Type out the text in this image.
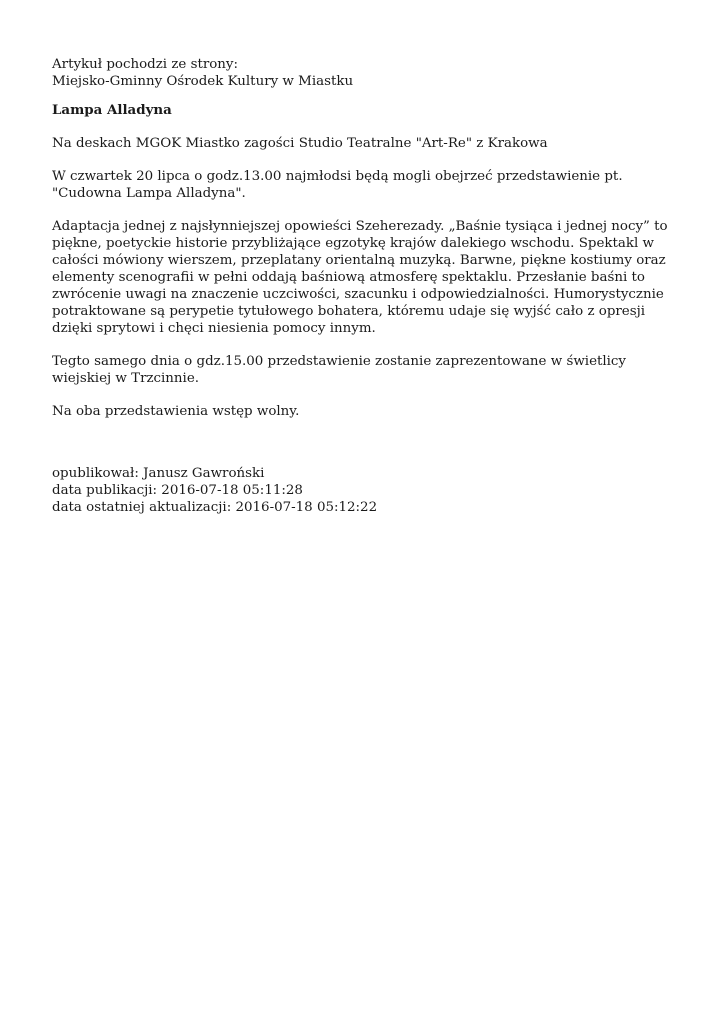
Artykuł pochodzi ze strony:
Miejsko-Gminny Ośrodek Kultury w Miastku
Lampa Alladyna

Na deskach MGOK Miastko zagości Studio Teatralne "Art-Re" z Krakowa

W czwartek 20 lipca o godz.13.00 najmłodsi będą mogli obejrzeć przedstawienie pt. "Cudowna Lampa Alladyna".

Adaptacja jednej z najsłynniejszej opowieści Szeherezady. „Baśnie tysiąca i jednej nocy” to piękne, poetyckie historie przybliżające egzotykę krajów dalekiego wschodu. Spektakl w całości mówiony wierszem, przeplatany orientalną muzyką. Barwne, piękne kostiumy oraz elementy scenografii w pełni oddają baśniową atmosferę spektaklu. Przesłanie baśni to zwrócenie uwagi na znaczenie uczciwości, szacunku i odpowiedzialności. Humorystycznie potraktowane są perypetie tytułowego bohatera, któremu udaje się wyjść cało z opresji dzięki sprytowi i chęci niesienia pomocy innym.

Tegto samego dnia o gdz.15.00 przedstawienie zostanie zaprezentowane w świetlicy wiejskiej w Trzcinnie.

Na oba przedstawienia wstęp wolny.

opublikował: Janusz Gawroński
data publikacji: 2016-07-18 05:11:28
data ostatniej aktualizacji: 2016-07-18 05:12:22
